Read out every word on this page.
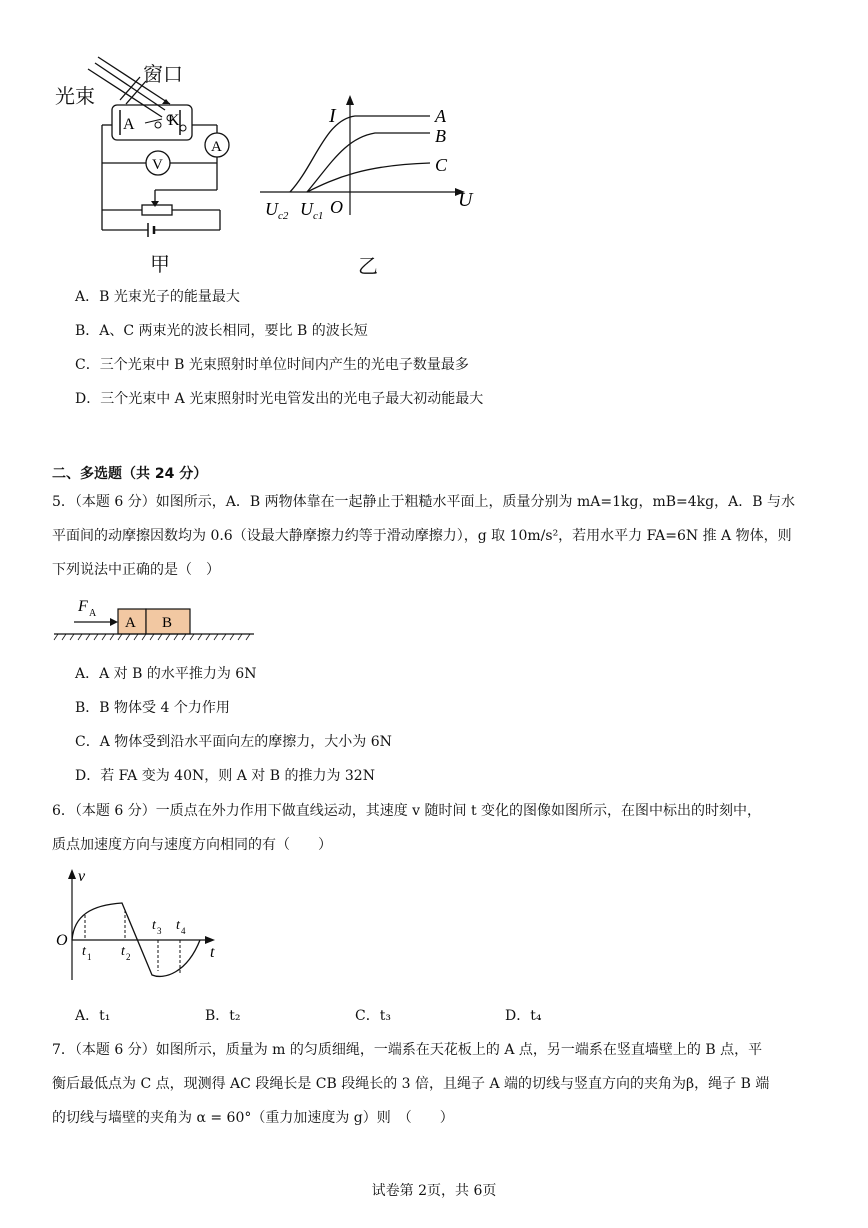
A K
A
V
光束
窗口
甲
I
U
A
B
C
$U_{c2}$ $U_{c1}$ O
乙
A．B 光束光子的能量最大
B．A、C 两束光的波长相同，要比 B 的波长短
C．三个光束中 B 光束照射时单位时间内产生的光电子数量最多
D．三个光束中 A 光束照射时光电管发出的光电子最大初动能最大
二、多选题（共 24 分）
5．（本题 6 分）如图所示，A．B 两物体靠在一起静止于粗糙水平面上，质量分别为 mA=1kg，mB=4kg，A．B 与水
平面间的动摩擦因数均为 0.6（设最大静摩擦力约等于滑动摩擦力），g 取 10m/s²，若用水平力 FA=6N 推 A 物体，则
下列说法中正确的是（　）
F A
A B
A．A 对 B 的水平推力为 6N
B．B 物体受 4 个力作用
C．A 物体受到沿水平面向左的摩擦力，大小为 6N
D．若 FA 变为 40N，则 A 对 B 的推力为 32N
6．（本题 6 分）一质点在外力作用下做直线运动，其速度 v 随时间 t 变化的图像如图所示，在图中标出的时刻中，
质点加速度方向与速度方向相同的有（　　）
v
t
O
t 1 t 2
t 3 t 4
A．t₁	B．t₂	C．t₃	D．t₄
7．（本题 6 分）如图所示，质量为 m 的匀质细绳，一端系在天花板上的 A 点，另一端系在竖直墙壁上的 B 点，平
衡后最低点为 C 点，现测得 AC 段绳长是 CB 段绳长的 3 倍，且绳子 A 端的切线与竖直方向的夹角为β，绳子 B 端
的切线与墙壁的夹角为 α = 60°（重力加速度为 g）则　（　　）
试卷第 2页，共 6页
